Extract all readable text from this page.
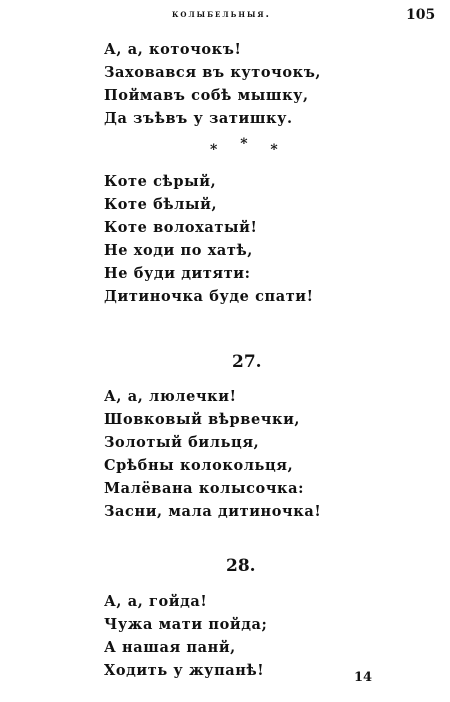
колыбельныя.	105
А, а, коточокъ!
Заховався въ куточокъ,
Поймавъ собѣ мышку,
Да зъѣвъ у затишку.
* * *
Коте сѣрый,
Коте бѣлый,
Коте волохатый!
Не ходи по хатѣ,
Не буди дитяти:
Дитиночка буде спати!
27.
А, а, люлечки!
Шовковый вѣрвечки,
Золотый бильця,
Срѣбны колокольця,
Малёвана колысочка:
Засни, мала дитиночка!
28.
А, а, гойда!
Чужа мати пойда;
А нашая панй,
Ходить у жупанѣ!	14
